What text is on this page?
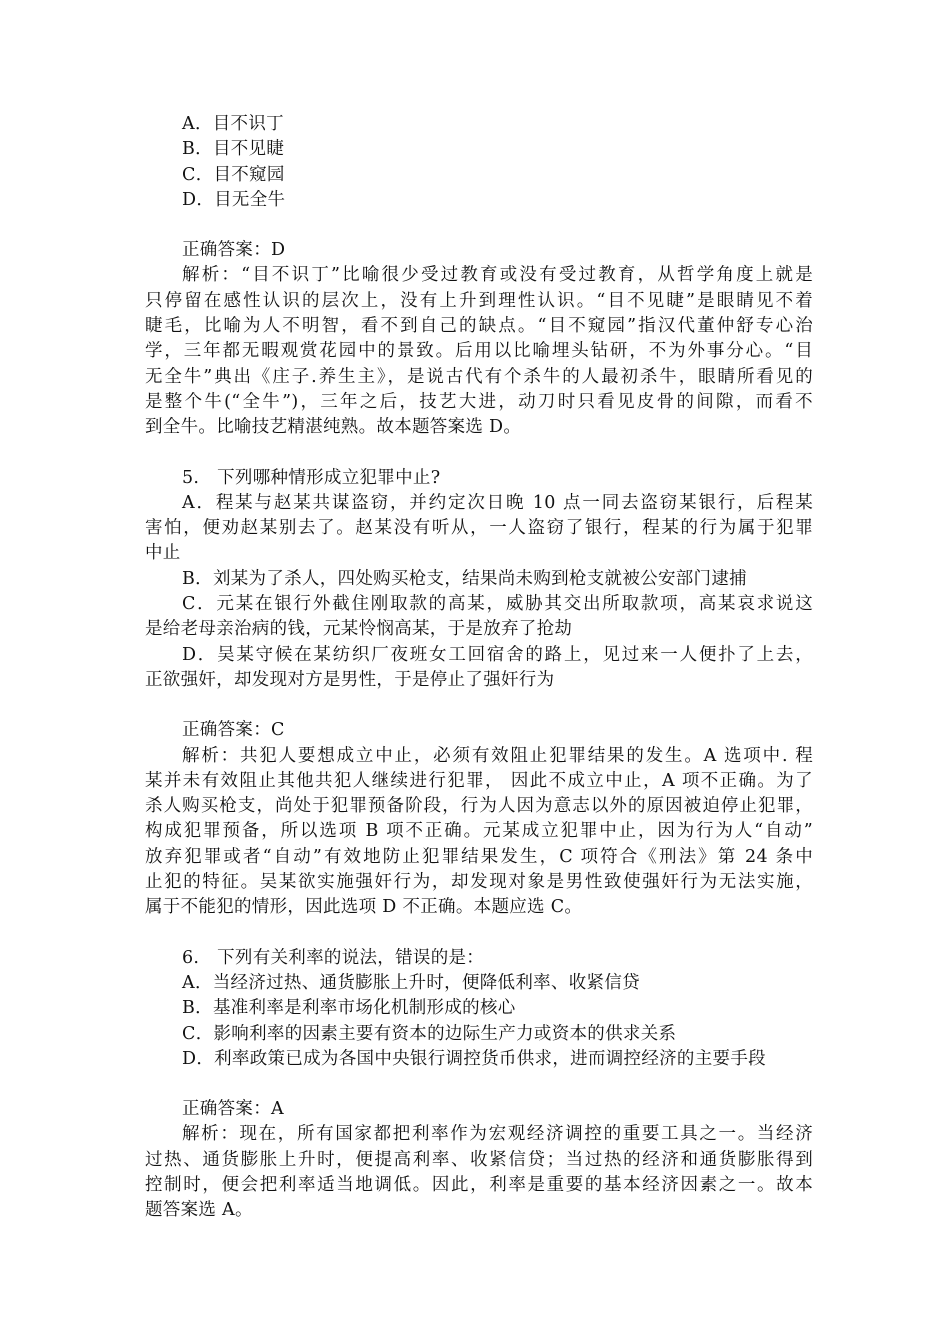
A．目不识丁
B．目不见睫
C．目不窥园
D．目无全牛
正确答案：D
解析：“目不识丁”比喻很少受过教育或没有受过教育，从哲学角度上就是
只停留在感性认识的层次上，没有上升到理性认识。“目不见睫”是眼睛见不着
睫毛，比喻为人不明智，看不到自己的缺点。“目不窥园”指汉代董仲舒专心治
学，三年都无暇观赏花园中的景致。后用以比喻埋头钻研，不为外事分心。“目
无全牛”典出《庄子.养生主》，是说古代有个杀牛的人最初杀牛，眼睛所看见的
是整个牛(“全牛”)，三年之后，技艺大进，动刀时只看见皮骨的间隙，而看不
到全牛。比喻技艺精湛纯熟。故本题答案选 D。
5.　下列哪种情形成立犯罪中止?
A．程某与赵某共谋盗窃，并约定次日晚 10 点一同去盗窃某银行，后程某
害怕，便劝赵某别去了。赵某没有听从，一人盗窃了银行，程某的行为属于犯罪
中止
B．刘某为了杀人，四处购买枪支，结果尚未购到枪支就被公安部门逮捕
C．元某在银行外截住刚取款的高某，威胁其交出所取款项，高某哀求说这
是给老母亲治病的钱，元某怜悯高某，于是放弃了抢劫
D．吴某守候在某纺织厂夜班女工回宿舍的路上，见过来一人便扑了上去，
正欲强奸，却发现对方是男性，于是停止了强奸行为
正确答案：C
解析：共犯人要想成立中止，必须有效阻止犯罪结果的发生。A 选项中. 程
某并未有效阻止其他共犯人继续进行犯罪， 因此不成立中止，A 项不正确。为了
杀人购买枪支，尚处于犯罪预备阶段，行为人因为意志以外的原因被迫停止犯罪，
构成犯罪预备，所以选项 B 项不正确。元某成立犯罪中止，因为行为人“自动”
放弃犯罪或者“自动”有效地防止犯罪结果发生，C 项符合《刑法》第 24 条中
止犯的特征。吴某欲实施强奸行为，却发现对象是男性致使强奸行为无法实施，
属于不能犯的情形，因此选项 D 不正确。本题应选 C。
6.　下列有关利率的说法，错误的是：
A．当经济过热、通货膨胀上升时，便降低利率、收紧信贷
B．基准利率是利率市场化机制形成的核心
C．影响利率的因素主要有资本的边际生产力或资本的供求关系
D．利率政策已成为各国中央银行调控货币供求，进而调控经济的主要手段
正确答案：A
解析：现在，所有国家都把利率作为宏观经济调控的重要工具之一。当经济
过热、通货膨胀上升时，便提高利率、收紧信贷；当过热的经济和通货膨胀得到
控制时，便会把利率适当地调低。因此，利率是重要的基本经济因素之一。故本
题答案选 A。
